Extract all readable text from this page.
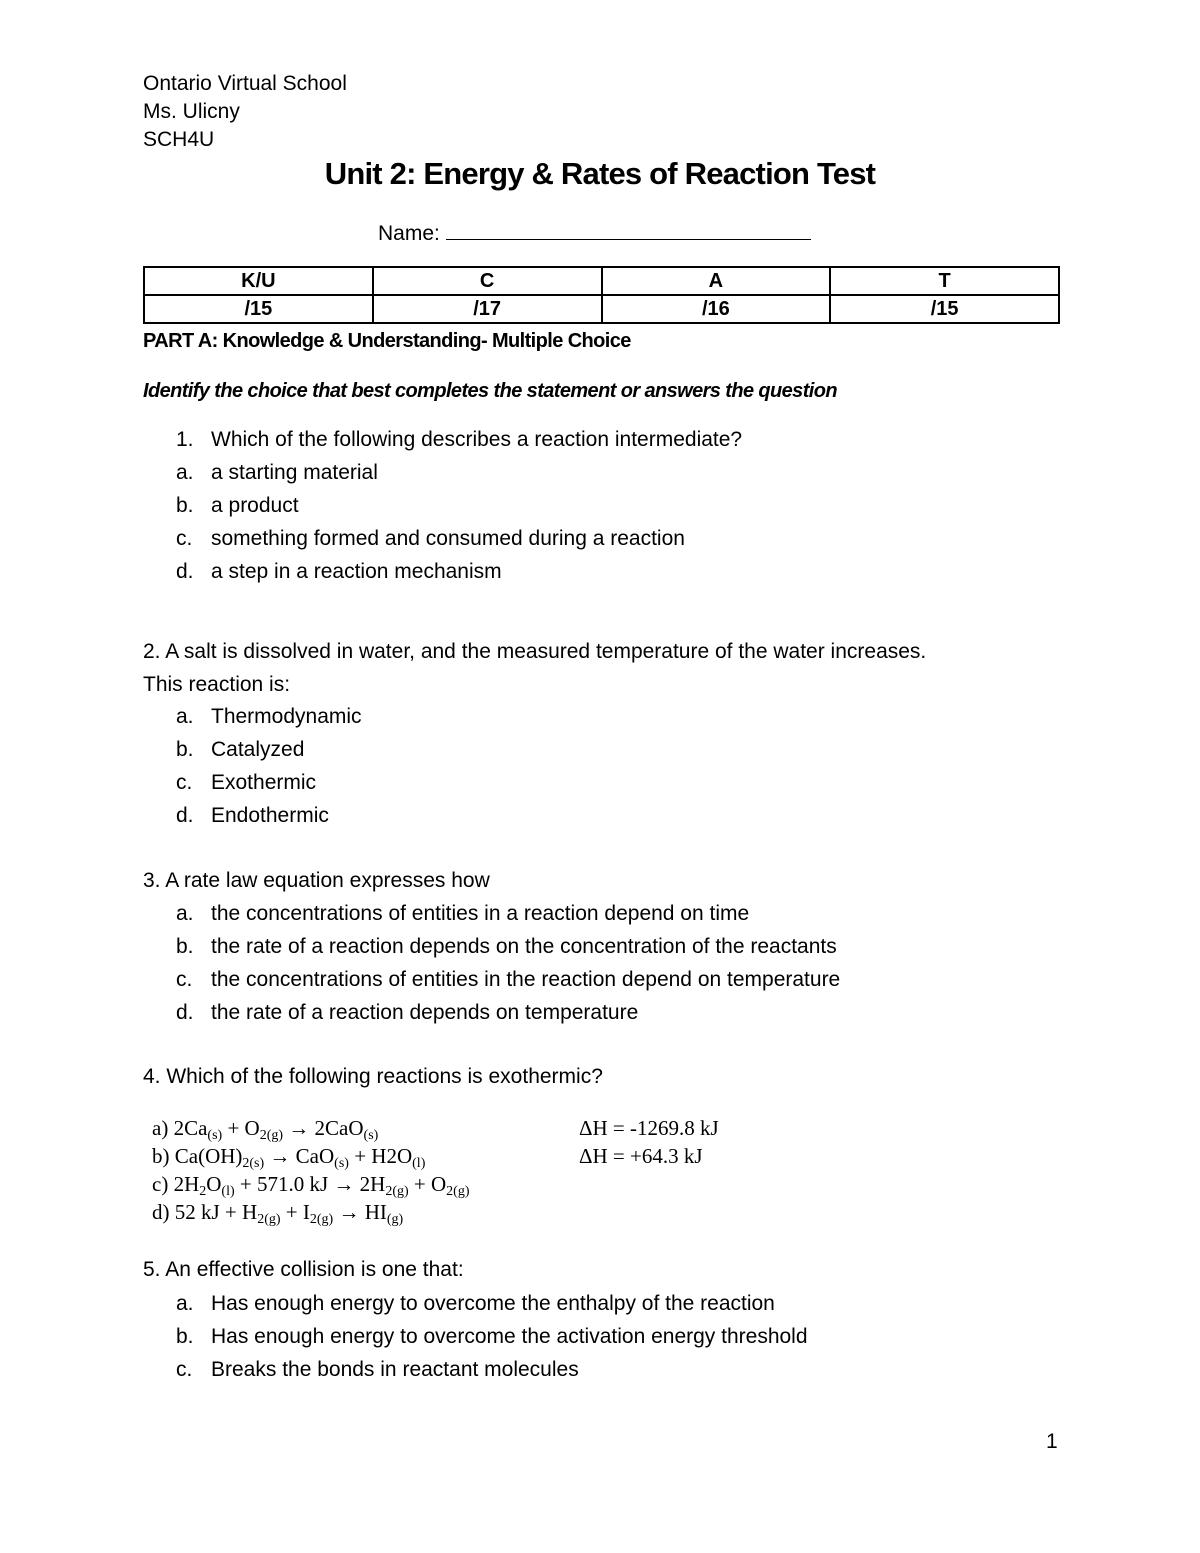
Ontario Virtual School
Ms. Ulicny
SCH4U
Unit 2: Energy & Rates of Reaction Test
Name:
K/U	C	A	T
/15	/17	/16	/15
PART A: Knowledge & Understanding- Multiple Choice
Identify the choice that best completes the statement or answers the question
1. Which of the following describes a reaction intermediate?
a. a starting material
b. a product
c. something formed and consumed during a reaction
d. a step in a reaction mechanism
2. A salt is dissolved in water, and the measured temperature of the water increases.
This reaction is:
a. Thermodynamic
b. Catalyzed
c. Exothermic
d. Endothermic
3. A rate law equation expresses how
a. the concentrations of entities in a reaction depend on time
b. the rate of a reaction depends on the concentration of the reactants
c. the concentrations of entities in the reaction depend on temperature
d. the rate of a reaction depends on temperature
4. Which of the following reactions is exothermic?
a) $2Ca_{(s)} + O_{2(g)} \to 2CaO_{(s)}$	ΔH = -1269.8 kJ
b) $Ca(OH)_{2(s)} \to CaO_{(s)} + H2O_{(l)}$	ΔH = +64.3 kJ
c) $2H_2O_{(l)} + 571.0$ kJ → $2H_{2(g)} + O_{2(g)}$
d) 52 kJ + $H_{2(g)} + I_{2(g)} \to HI_{(g)}$
5. An effective collision is one that:
a. Has enough energy to overcome the enthalpy of the reaction
b. Has enough energy to overcome the activation energy threshold
c. Breaks the bonds in reactant molecules
1
